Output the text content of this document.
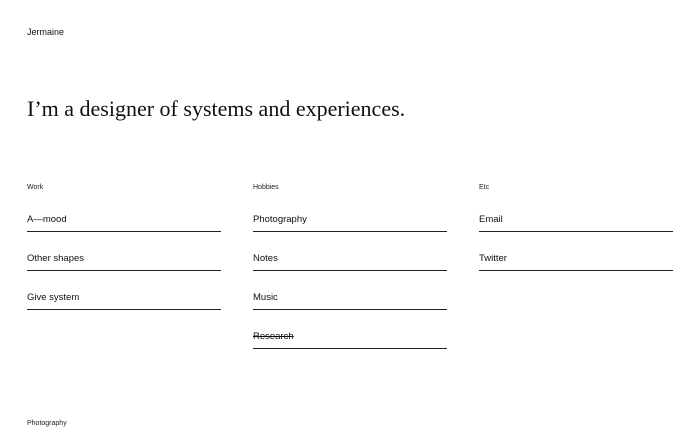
Jermaine
I’m a designer of systems and experiences.
Work
A—mood
Other shapes
Give system
Hobbies
Photography
Notes
Music
Research
Etc
Email
Twitter
Photography
